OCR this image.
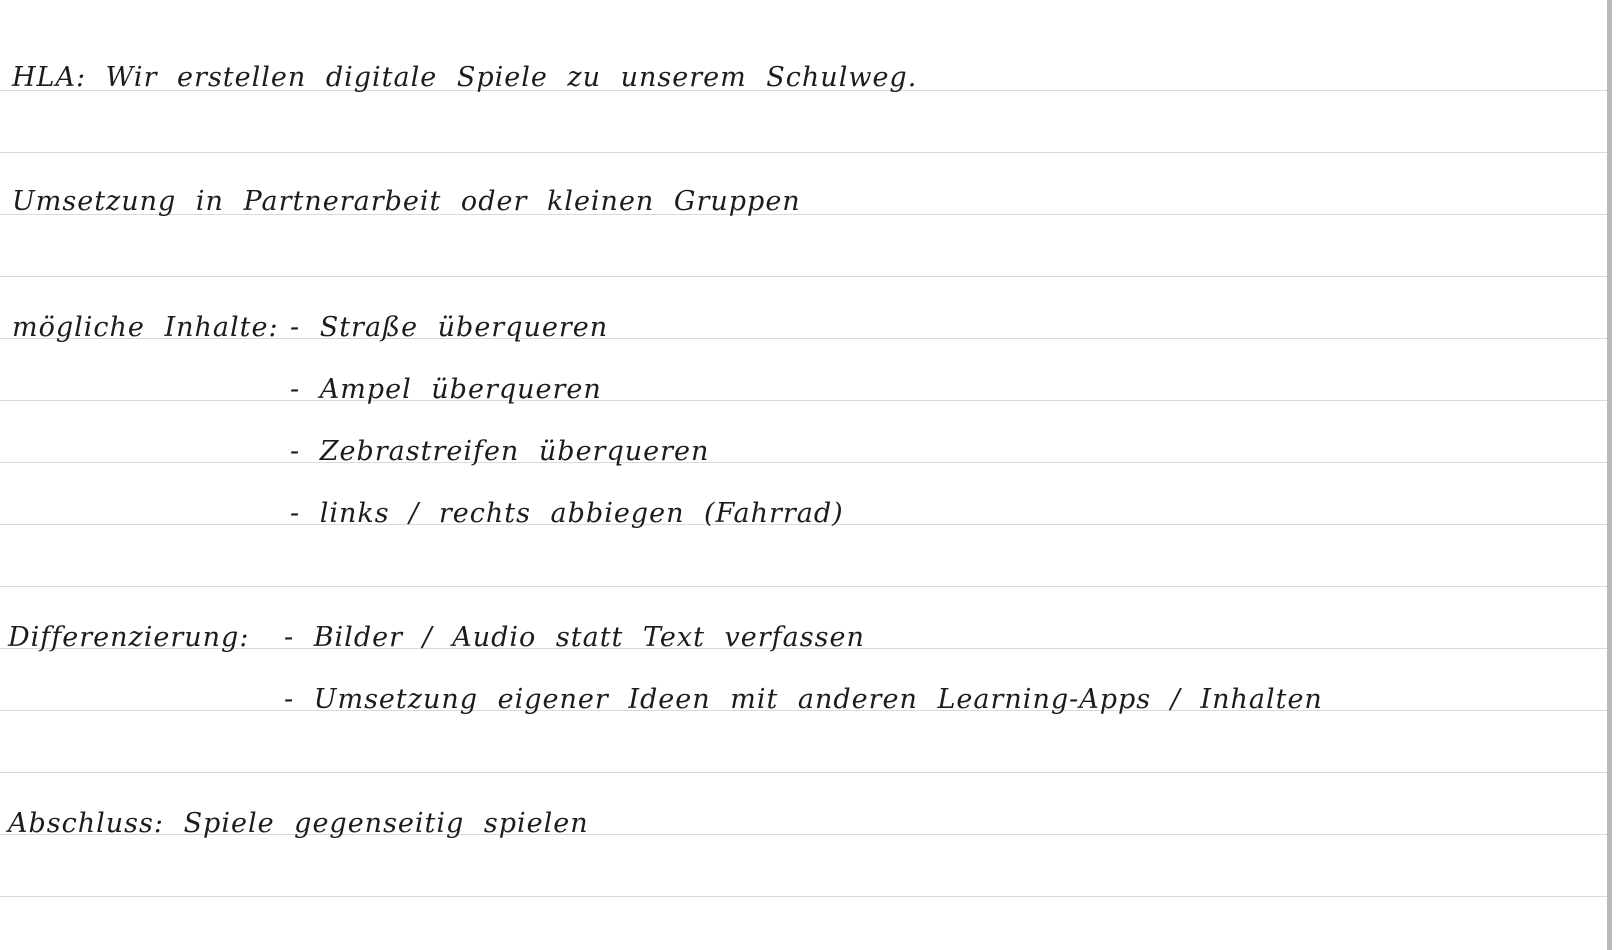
HLA: Wir erstellen digitale Spiele zu unserem Schulweg.
Umsetzung in Partnerarbeit oder kleinen Gruppen
mögliche Inhalte: - Straße überqueren
- Ampel überqueren
- Zebrastreifen überqueren
- links / rechts abbiegen (Fahrrad)
Differenzierung: - Bilder / Audio statt Text verfassen
- Umsetzung eigener Ideen mit anderen Learning-Apps / Inhalten
Abschluss: Spiele gegenseitig spielen
